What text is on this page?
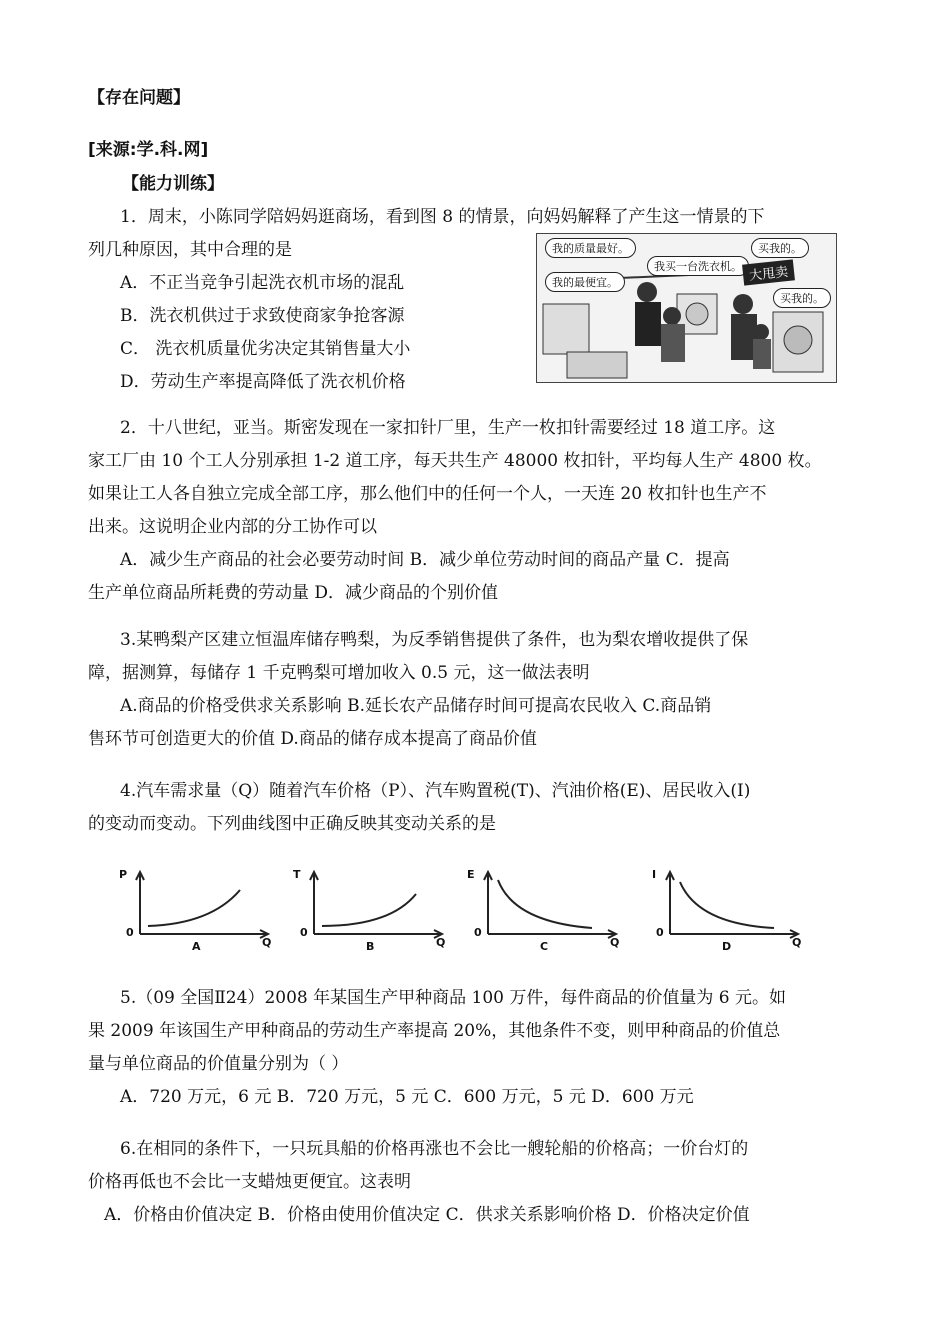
【存在问题】
[来源:学.科.网]
【能力训练】
1．周末，小陈同学陪妈妈逛商场，看到图 8 的情景，向妈妈解释了产生这一情景的下
列几种原因，其中合理的是
A．不正当竞争引起洗衣机市场的混乱
B．洗衣机供过于求致使商家争抢客源
C． 洗衣机质量优劣决定其销售量大小
D．劳动生产率提高降低了洗衣机价格
我的质量最好。	买我的。
我买一台洗衣机。
我的最便宜。
买我的。
大甩卖
2．十八世纪，亚当。斯密发现在一家扣针厂里，生产一枚扣针需要经过 18 道工序。这
家工厂由 10 个工人分别承担 1-2 道工序，每天共生产 48000 枚扣针，平均每人生产 4800 枚。
如果让工人各自独立完成全部工序，那么他们中的任何一个人，一天连 20 枚扣针也生产不
出来。这说明企业内部的分工协作可以
A．减少生产商品的社会必要劳动时间 B．减少单位劳动时间的商品产量 C．提高
生产单位商品所耗费的劳动量 D．减少商品的个别价值
3.某鸭梨产区建立恒温库储存鸭梨，为反季销售提供了条件，也为梨农增收提供了保
障，据测算，每储存 1 千克鸭梨可增加收入 0.5 元，这一做法表明
A.商品的价格受供求关系影响 B.延长农产品储存时间可提高农民收入 C.商品销
售环节可创造更大的价值 D.商品的储存成本提高了商品价值
4.汽车需求量（Q）随着汽车价格（P）、汽车购置税(T)、汽油价格(E)、居民收入(I)
的变动而变动。下列曲线图中正确反映其变动关系的是
P
0
Q
A
T
0
Q
B
E
0
Q
C
I
0
Q
D
5.（09 全国Ⅱ24）2008 年某国生产甲种商品 100 万件，每件商品的价值量为 6 元。如
果 2009 年该国生产甲种商品的劳动生产率提高 20%，其他条件不变，则甲种商品的价值总
量与单位商品的价值量分别为（ ）
A．720 万元，6 元 B．720 万元，5 元 C．600 万元，5 元 D．600 万元
6.在相同的条件下，一只玩具船的价格再涨也不会比一艘轮船的价格高；一价台灯的
价格再低也不会比一支蜡烛更便宜。这表明
A．价格由价值决定 B．价格由使用价值决定 C．供求关系影响价格 D．价格决定价值
